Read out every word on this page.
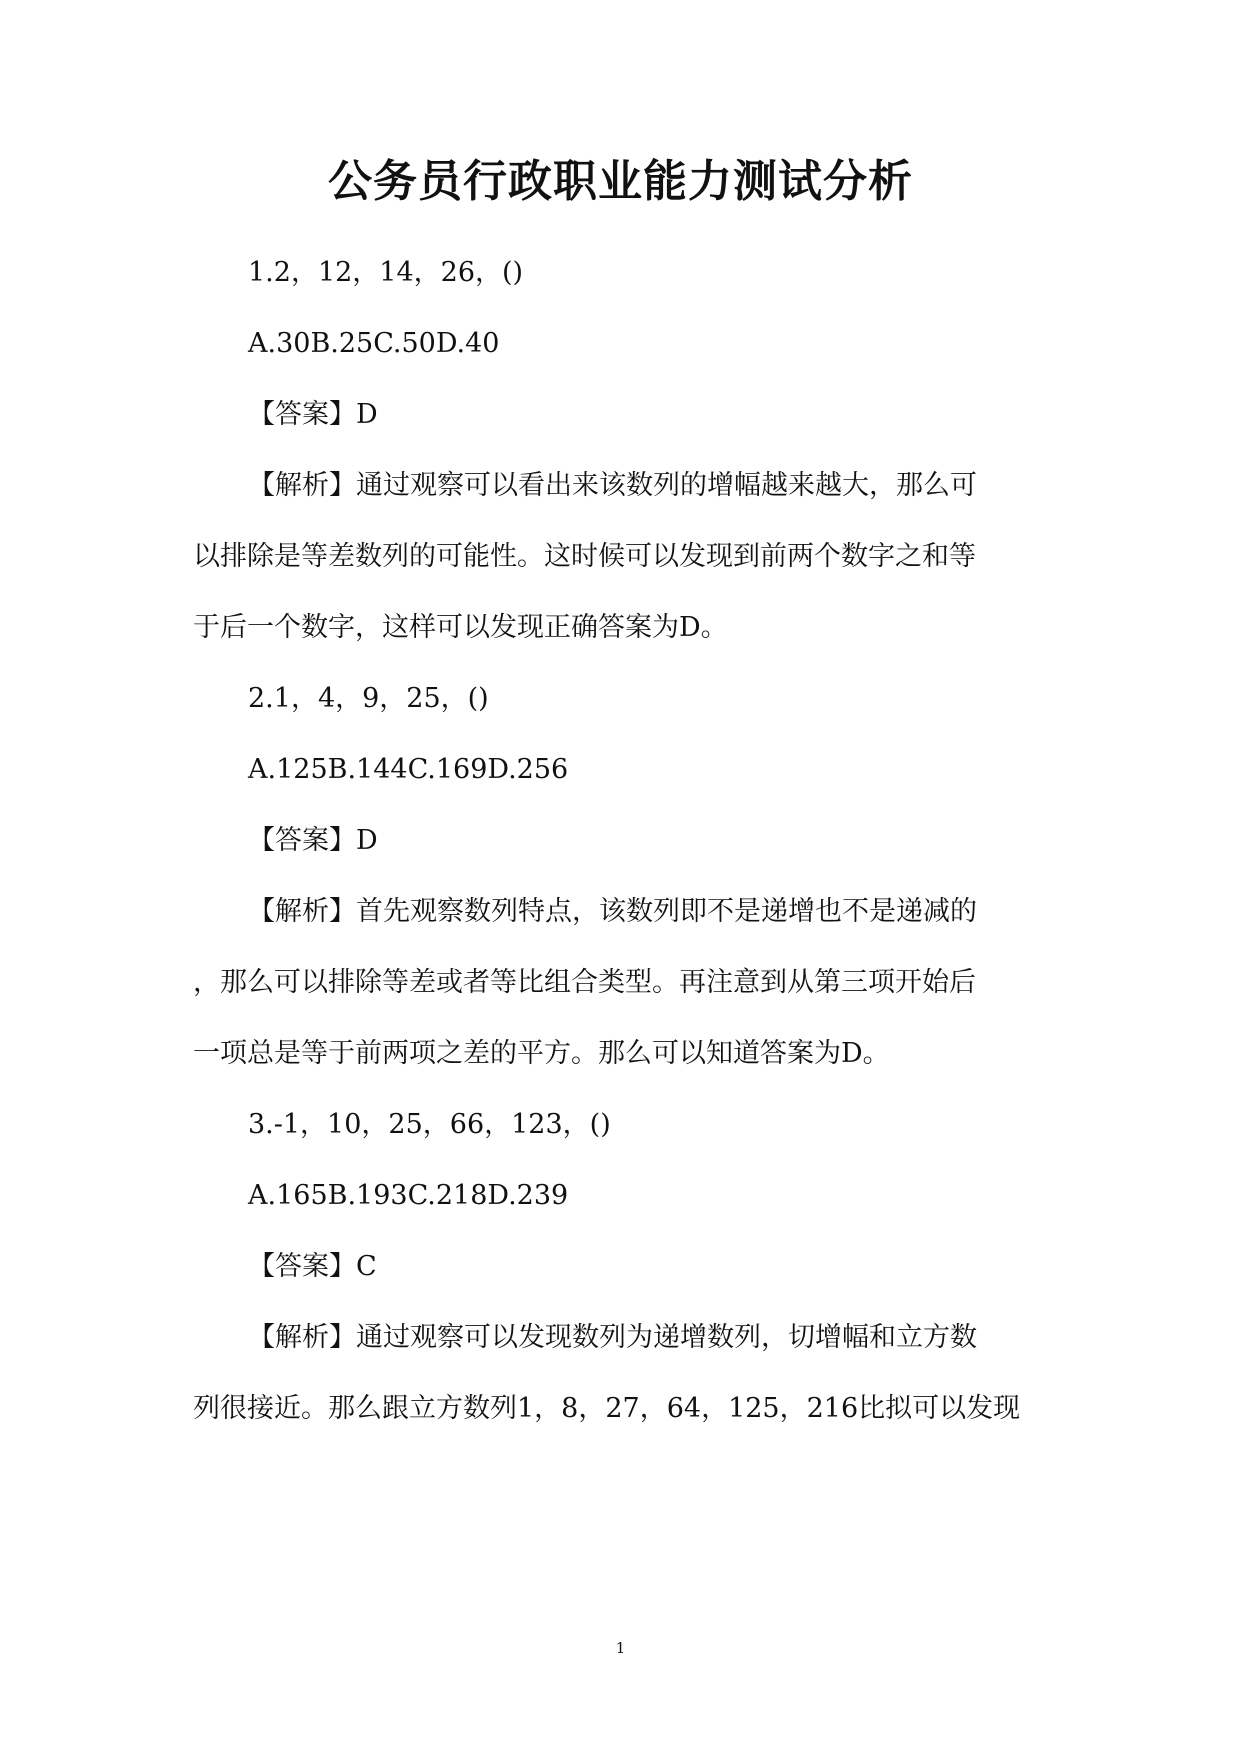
公务员行政职业能力测试分析
1.2，12，14，26，()
A.30B.25C.50D.40
【答案】D
【解析】通过观察可以看出来该数列的增幅越来越大，那么可
以排除是等差数列的可能性。这时候可以发现到前两个数字之和等
于后一个数字，这样可以发现正确答案为D。
2.1，4，9，25，()
A.125B.144C.169D.256
【答案】D
【解析】首先观察数列特点，该数列即不是递增也不是递减的
，那么可以排除等差或者等比组合类型。再注意到从第三项开始后
一项总是等于前两项之差的平方。那么可以知道答案为D。
3.-1，10，25，66，123，()
A.165B.193C.218D.239
【答案】C
【解析】通过观察可以发现数列为递增数列，切增幅和立方数
列很接近。那么跟立方数列1，8，27，64，125，216比拟可以发现
1
